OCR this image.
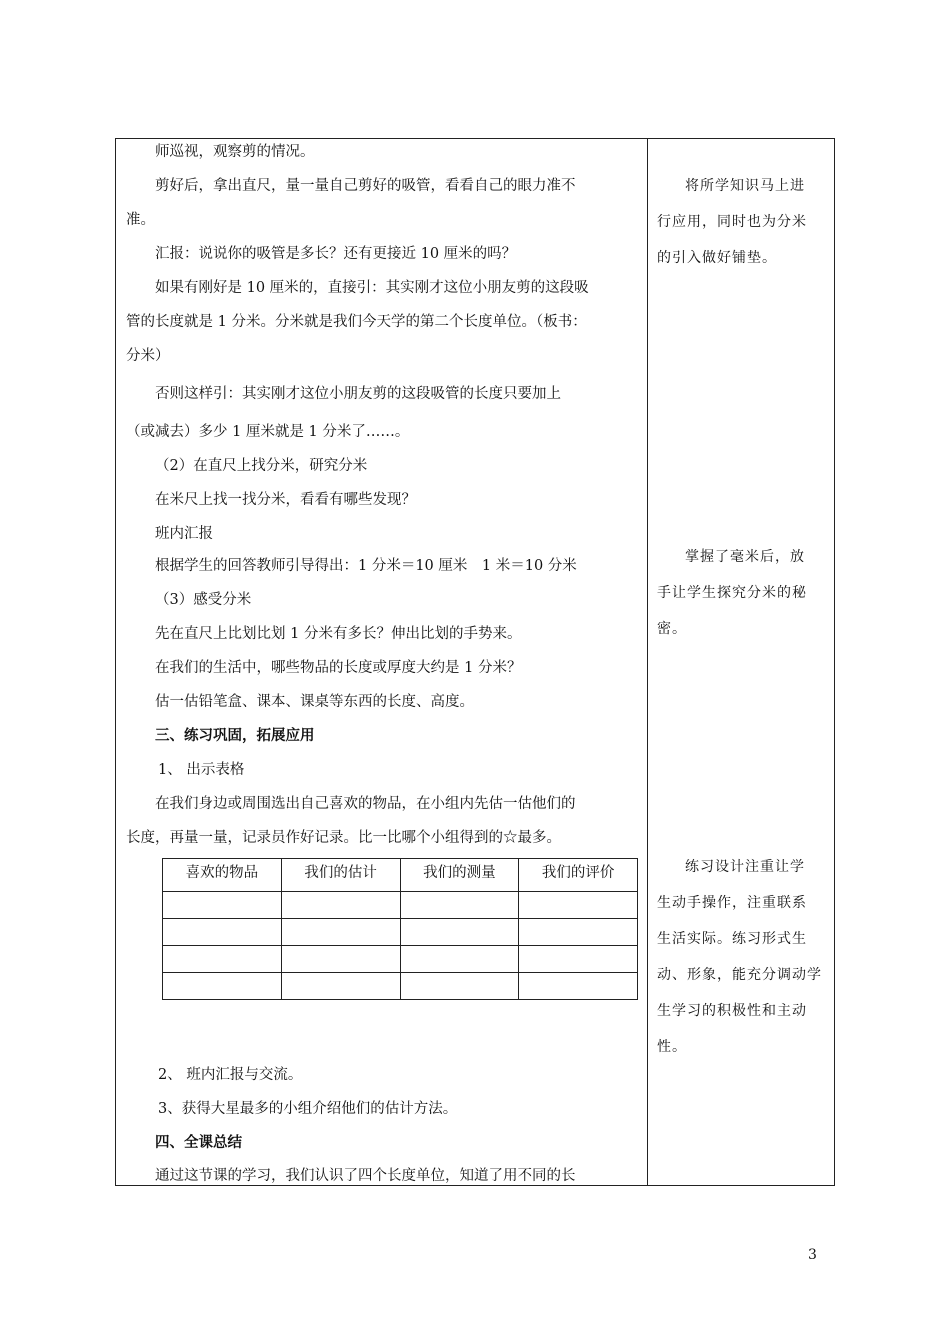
师巡视，观察剪的情况。
剪好后，拿出直尺，量一量自己剪好的吸管，看看自己的眼力准不
准。
汇报：说说你的吸管是多长？还有更接近 10 厘米的吗？
如果有刚好是 10 厘米的，直接引：其实刚才这位小朋友剪的这段吸
管的长度就是 1 分米。分米就是我们今天学的第二个长度单位。（板书：
分米）
否则这样引：其实刚才这位小朋友剪的这段吸管的长度只要加上
（或减去）多少 1 厘米就是 1 分米了……。
（2）在直尺上找分米，研究分米
在米尺上找一找分米，看看有哪些发现？
班内汇报
根据学生的回答教师引导得出：1 分米＝10 厘米　1 米＝10 分米
（3）感受分米
先在直尺上比划比划 1 分米有多长？伸出比划的手势来。
在我们的生活中，哪些物品的长度或厚度大约是 1 分米？
估一估铅笔盒、课本、课桌等东西的长度、高度。
三、练习巩固，拓展应用
1、 出示表格
在我们身边或周围选出自己喜欢的物品，在小组内先估一估他们的
长度，再量一量，记录员作好记录。比一比哪个小组得到的☆最多。
喜欢的物品	我们的估计	我们的测量	我们的评价

2、 班内汇报与交流。
3、获得大星最多的小组介绍他们的估计方法。
四、全课总结
通过这节课的学习，我们认识了四个长度单位，知道了用不同的长
将所学知识马上进
行应用，同时也为分米
的引入做好铺垫。
掌握了毫米后，放
手让学生探究分米的秘
密。
练习设计注重让学
生动手操作，注重联系
生活实际。练习形式生
动、形象，能充分调动学
生学习的积极性和主动
性。
3
